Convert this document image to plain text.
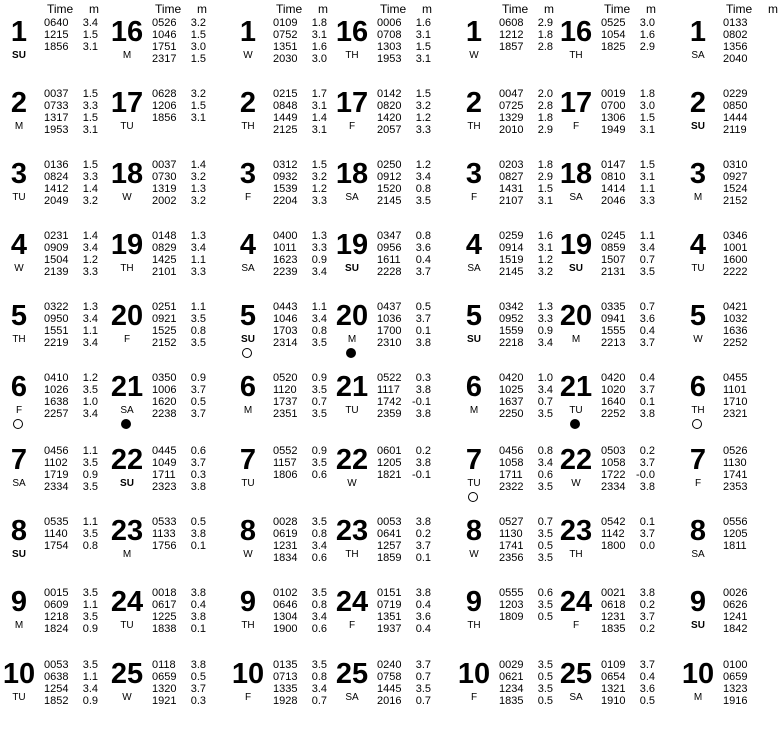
Time m
1
SU
0640 3.4
1215 1.5
1856 3.1
2
M
0037 1.5
0733 3.3
1317 1.5
1953 3.1
3
TU
0136 1.5
0824 3.3
1412 1.4
2049 3.2
4
W
0231 1.4
0909 3.4
1504 1.2
2139 3.3
5
TH
0322 1.3
0950 3.4
1551 1.1
2219 3.4
6
F
0410 1.2
1026 3.5
1638 1.0
2257 3.4
7
SA
0456 1.1
1102 3.5
1719 0.9
2334 3.5
8
SU
0535 1.1
1140 3.5
1754 0.8
9
M
0015 3.5
0609 1.1
1218 3.5
1824 0.9
10
TU
0053 3.5
0638 1.1
1254 3.4
1852 0.9
Time m
16
M
0526 3.2
1046 1.5
1751 3.0
2317 1.5
17
TU
0628 3.2
1206 1.5
1856 3.1
18
W
0037 1.4
0730 3.2
1319 1.3
2002 3.2
19
TH
0148 1.3
0829 3.4
1425 1.1
2101 3.3
20
F
0251 1.1
0921 3.5
1525 0.8
2152 3.5
21
SA
0350 0.9
1006 3.7
1620 0.5
2238 3.7
22
SU
0445 0.6
1049 3.7
1711 0.3
2323 3.8
23
M
0533 0.5
1133 3.8
1756 0.1
24
TU
0018 3.8
0617 0.4
1225 3.8
1838 0.1
25
W
0118 3.8
0659 0.5
1320 3.7
1921 0.3
Time m
1
W
0109 1.8
0752 3.1
1351 1.6
2030 3.0
2
TH
0215 1.7
0848 3.1
1449 1.4
2125 3.1
3
F
0312 1.5
0932 3.2
1539 1.2
2204 3.3
4
SA
0400 1.3
1011 3.3
1623 0.9
2239 3.4
5
SU
0443 1.1
1046 3.4
1703 0.8
2314 3.5
6
M
0520 0.9
1120 3.5
1737 0.7
2351 3.5
7
TU
0552 0.9
1157 3.5
1806 0.6
8
W
0028 3.5
0619 0.8
1231 3.4
1834 0.6
9
TH
0102 3.5
0646 0.8
1304 3.4
1900 0.6
10
F
0135 3.5
0713 0.8
1335 3.4
1928 0.7
Time m
16
TH
0006 1.6
0708 3.1
1303 1.5
1953 3.1
17
F
0142 1.5
0820 3.2
1420 1.2
2057 3.3
18
SA
0250 1.2
0912 3.4
1520 0.8
2145 3.5
19
SU
0347 0.8
0956 3.6
1611 0.4
2228 3.7
20
M
0437 0.5
1036 3.7
1700 0.1
2310 3.8
21
TU
0522 0.3
1117 3.8
1742 -0.1
2359 3.8
22
W
0601 0.2
1205 3.8
1821 -0.1
23
TH
0053 3.8
0641 0.2
1257 3.7
1859 0.1
24
F
0151 3.8
0719 0.4
1351 3.6
1937 0.4
25
SA
0240 3.7
0758 0.7
1445 3.5
2016 0.7
Time m
1
W
0608 2.9
1212 1.8
1857 2.8
2
TH
0047 2.0
0725 2.8
1329 1.8
2010 2.9
3
F
0203 1.8
0827 2.9
1431 1.5
2107 3.1
4
SA
0259 1.6
0914 3.1
1519 1.2
2145 3.2
5
SU
0342 1.3
0952 3.3
1559 0.9
2218 3.4
6
M
0420 1.0
1025 3.4
1637 0.7
2250 3.5
7
TU
0456 0.8
1058 3.4
1711 0.6
2322 3.5
8
W
0527 0.7
1130 3.5
1741 0.5
2356 3.5
9
TH
0555 0.6
1203 3.5
1809 0.5
10
F
0029 3.5
0621 0.5
1234 3.5
1835 0.5
Time m
16
TH
0525 3.0
1054 1.6
1825 2.9
17
F
0019 1.8
0700 3.0
1306 1.5
1949 3.1
18
SA
0147 1.5
0810 3.1
1414 1.1
2046 3.3
19
SU
0245 1.1
0859 3.4
1507 0.7
2131 3.5
20
M
0335 0.7
0941 3.6
1555 0.4
2213 3.7
21
TU
0420 0.4
1020 3.7
1640 0.1
2252 3.8
22
W
0503 0.2
1058 3.7
1722 -0.0
2334 3.8
23
TH
0542 0.1
1142 3.7
1800 0.0
24
F
0021 3.8
0618 0.2
1231 3.7
1835 0.2
25
SA
0109 3.7
0654 0.4
1321 3.6
1910 0.5
Time m
1
SA
0133
0802
1356
2040
2
SU
0229
0850
1444
2119
3
M
0310
0927
1524
2152
4
TU
0346
1001
1600
2222
5
W
0421
1032
1636
2252
6
TH
0455
1101
1710
2321
7
F
0526
1130
1741
2353
8
SA
0556
1205
1811
9
SU
0026
0626
1241
1842
10
M
0100
0659
1323
1916
